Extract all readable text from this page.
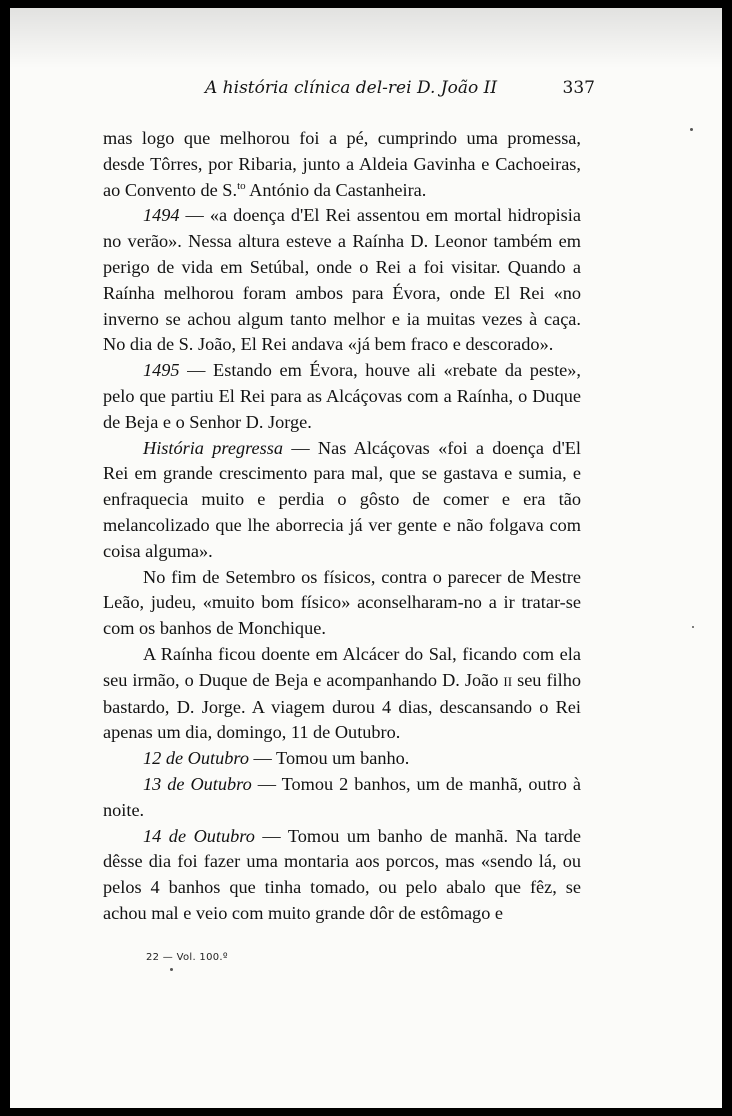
A história clínica del-rei D. João II	337

mas logo que melhorou foi a pé, cumprindo uma promessa, desde Tôrres, por Ribaria, junto a Aldeia Gavinha e Cachoeiras, ao Convento de S.$^{to}$ António da Castanheira.

1494 — «a doença d'El Rei assentou em mortal hidropisia no verão». Nessa altura esteve a Raínha D. Leonor também em perigo de vida em Setúbal, onde o Rei a foi visitar. Quando a Raínha melhorou foram ambos para Évora, onde El Rei «no inverno se achou algum tanto melhor e ia muitas vezes à caça. No dia de S. João, El Rei andava «já bem fraco e descorado».

1495 — Estando em Évora, houve ali «rebate da peste», pelo que partiu El Rei para as Alcáçovas com a Raínha, o Duque de Beja e o Senhor D. Jorge.

História pregressa — Nas Alcáçovas «foi a doença d'El Rei em grande crescimento para mal, que se gastava e sumia, e enfraquecia muito e perdia o gôsto de comer e era tão melancolizado que lhe aborrecia já ver gente e não folgava com coisa alguma».

No fim de Setembro os físicos, contra o parecer de Mestre Leão, judeu, «muito bom físico» aconselharam-no a ir tratar-se com os banhos de Monchique.

A Raínha ficou doente em Alcácer do Sal, ficando com ela seu irmão, o Duque de Beja e acompanhando D. João II seu filho bastardo, D. Jorge. A viagem durou 4 dias, descansando o Rei apenas um dia, domingo, 11 de Outubro.

12 de Outubro — Tomou um banho.

13 de Outubro — Tomou 2 banhos, um de manhã, outro à noite.

14 de Outubro — Tomou um banho de manhã. Na tarde dêsse dia foi fazer uma montaria aos porcos, mas «sendo lá, ou pelos 4 banhos que tinha tomado, ou pelo abalo que fêz, se achou mal e veio com muito grande dôr de estômago e

22 — Vol. 100.º
